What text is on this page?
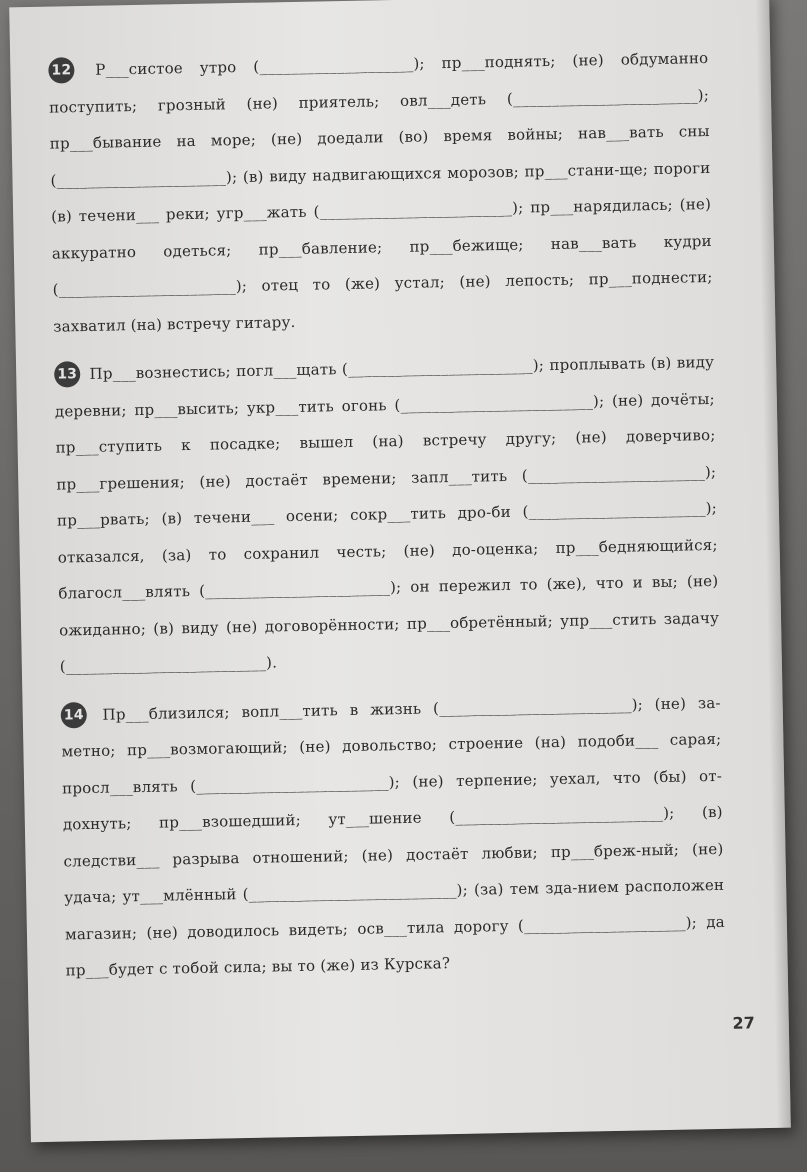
12 Р___систое утро (____________________); пр___поднять; (не) обдуманно поступить; грозный (не) приятель; овл___деть (________________________); пр___бывание на море; (не) доедали (во) время войны; нав___вать сны (______________________); (в) виду надвигающихся морозов; пр___стани-ще; пороги (в) течени___ реки; угр___жать (_________________________); пр___нарядилась; (не) аккуратно одеться; пр___бавление; пр___бежище; нав___вать кудри (_______________________); отец то (же) устал; (не) лепость; пр___поднести; захватил (на) встречу гитару.
13 Пр___вознестись; погл___щать (________________________); проплывать (в) виду деревни; пр___высить; укр___тить огонь (_________________________); (не) дочёты; пр___ступить к посадке; вышел (на) встречу другу; (не) доверчиво; пр___грешения; (не) достаёт времени; запл___тить (_______________________); пр___рвать; (в) течени___ осени; сокр___тить дро-би (_______________________); отказался, (за) то сохранил честь; (не) до-оценка; пр___бедняющийся; благосл___влять (________________________); он пережил то (же), что и вы; (не) ожиданно; (в) виду (не) договорённости; пр___обретённый; упр___стить задачу (__________________________).
14 Пр___близился; вопл___тить в жизнь (_________________________); (не) за-метно; пр___возмогающий; (не) довольство; строение (на) подоби___ сарая; просл___влять (_________________________); (не) терпение; уехал, что (бы) от-дохнуть; пр___взошедший; ут___шение (___________________________); (в) следстви___ разрыва отношений; (не) достаёт любви; пр___бреж-ный; (не) удача; ут___млённый (___________________________); (за) тем зда-нием расположен магазин; (не) доводилось видеть; осв___тила дорогу (_____________________); да пр___будет с тобой сила; вы то (же) из Курска?
27
